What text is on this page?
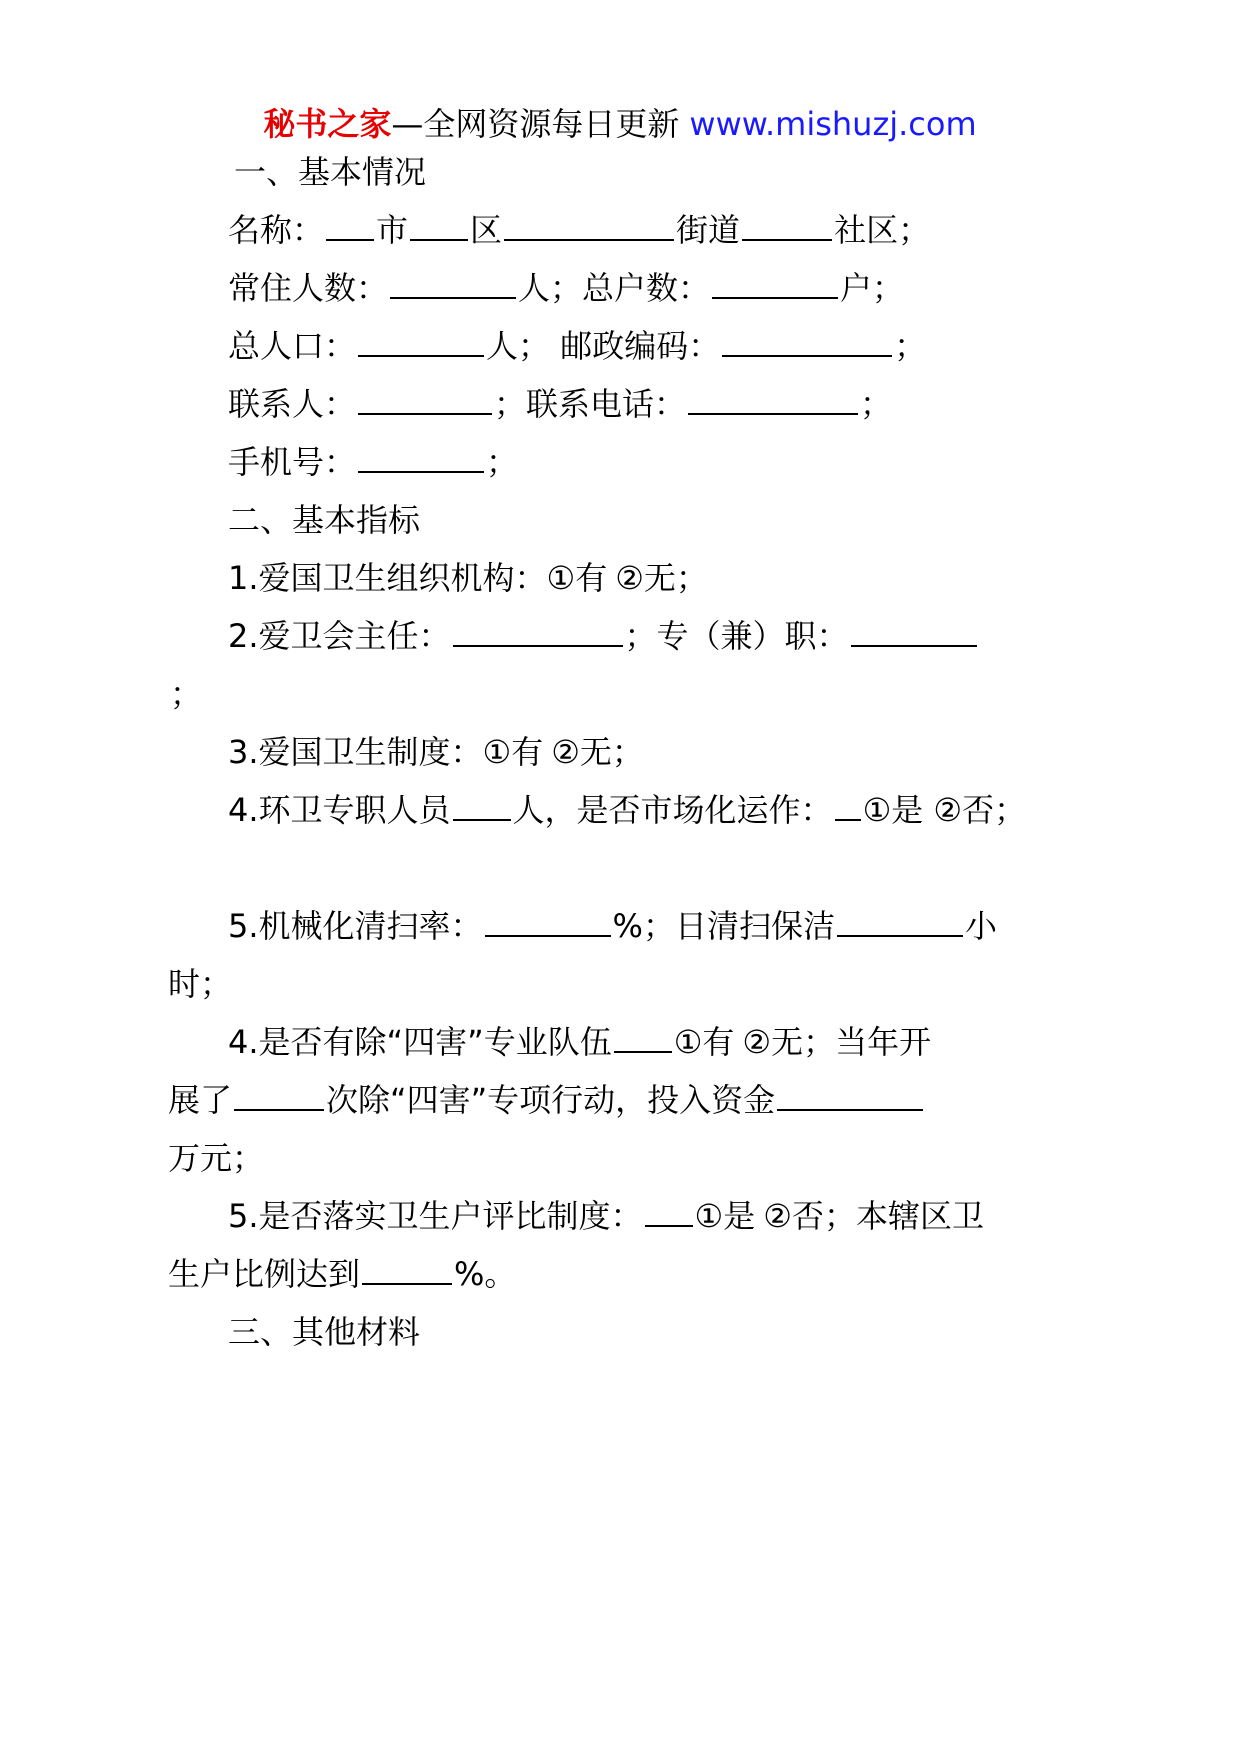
秘书之家—全网资源每日更新 www.mishuzj.com
一、基本情况
名称： 市 区	街道	社区；
常住人数：	人；总户数：	户；
总人口：	人； 邮政编码：	；
联系人：	；联系电话：	；
手机号：	；
二、基本指标
1.爱国卫生组织机构：①有 ②无；
2.爱卫会主任：	；专（兼）职：
；
3.爱国卫生制度：①有 ②无；
4.环卫专职人员 人，是否市场化运作： ①是 ②否；
5.机械化清扫率：	%；日清扫保洁	小
时；
4.是否有除“四害”专业队伍 ①有 ②无；当年开
展了	次除“四害”专项行动，投入资金
万元；
5.是否落实卫生户评比制度： ①是 ②否；本辖区卫
生户比例达到	%。
三、其他材料
